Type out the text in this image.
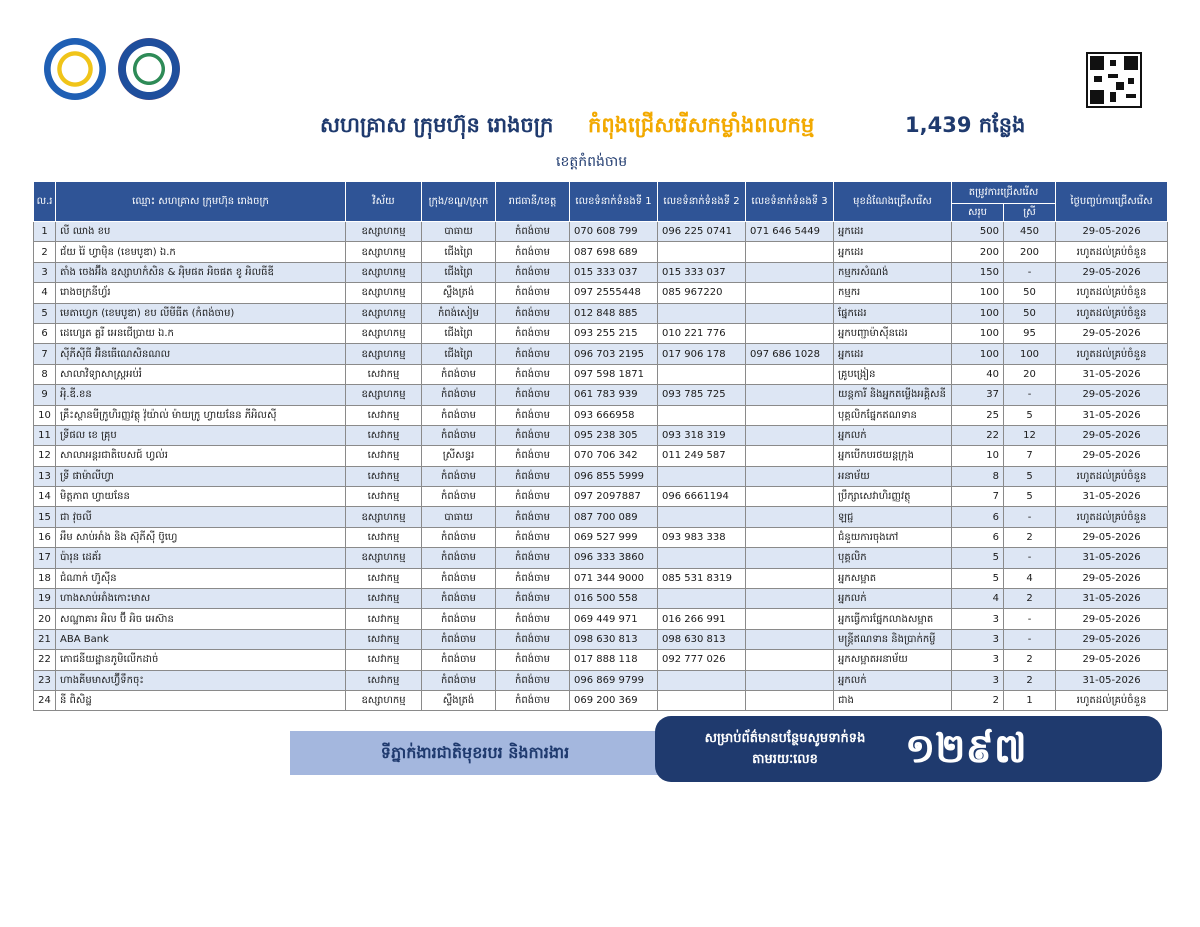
សហគ្រាស ក្រុមហ៊ុន រោងចក្រ កំពុងជ្រើសរើសកម្លាំងពលកម្ម	1,439 កន្លែង
ខេត្តកំពង់ចាម
ល.រ	ឈ្មោះ សហគ្រាស ក្រុមហ៊ុន រោងចក្រ	វិស័យ	ក្រុង/ខណ្ឌ/ស្រុក	រាជធានី/ខេត្ត	លេខទំនាក់ទំនងទី 1	លេខទំនាក់ទំនងទី 2	លេខទំនាក់ទំនងទី 3	មុខដំណែងជ្រើសរើស	តម្រូវការជ្រើសរើស		ថ្ងៃបញ្ចប់ការជ្រើសរើស
									សរុប	ស្រី	
1	លី ឈាង ខប	ឧស្សាហកម្ម	បាធាយ	កំពង់ចាម	070 608 799	096 225 0741	071 646 5449	អ្នកដេរ	500	450	29-05-2026
2	ជ័យ រ៉ៃ ហ្វាម៉ិន (ខេមបូឌា) ឯ.ក	ឧស្សាហកម្ម	ជើងព្រៃ	កំពង់ចាម	087 698 689			អ្នកដេរ	200	200	រហូតដល់គ្រប់ចំនួន
3	តាំង ចេងអ៊ីង ឧស្សាហកំសិន & អុិមផត អិចផត ខូ អិលធីឌី	ឧស្សាហកម្ម	ជើងព្រៃ	កំពង់ចាម	015 333 037	015 333 037		កម្មករសំណង់	150	-	29-05-2026
4	រោងចក្រនីហ្វ័រ	ឧស្សាហកម្ម	ស្ទឹងត្រង់	កំពង់ចាម	097 2555448	085 967220		កម្មករ	100	50	រហូតដល់គ្រប់ចំនួន
5	មេតាហ្វេក (ខេមបូឌា) ខប លីមីធីត (កំពង់ចាម)	ឧស្សាហកម្ម	កំពង់សៀម	កំពង់ចាម	012 848 885			ផ្នែកដេរ	100	50	រហូតដល់គ្រប់ចំនួន
6	ដេហ្សេត គ្លរី អេនជើប្រាយ ឯ.ក	ឧស្សាហកម្ម	ជើងព្រៃ	កំពង់ចាម	093 255 215	010 221 776		អ្នកបញ្ជាម៉ាស៊ីនដេរ	100	95	29-05-2026
7	ស៊ីភីស៊ីធី អ៊ិនធើណេសិនណល	ឧស្សាហកម្ម	ជើងព្រៃ	កំពង់ចាម	096 703 2195	017 906 178	097 686 1028	អ្នកដេរ	100	100	រហូតដល់គ្រប់ចំនួន
8	សាលាវិទ្យាសាស្ត្រអប់រំ	សេវាកម្ម	កំពង់ចាម	កំពង់ចាម	097 598 1871			គ្រូបង្រៀន	40	20	31-05-2026
9	អុិ.ឌី.ខន	ឧស្សាហកម្ម	កំពង់ចាម	កំពង់ចាម	061 783 939	093 785 725		យន្តការី និងអ្នកតម្លើងអគ្គិសនី	37	-	29-05-2026
10	គ្រឹះស្ថានមីក្រូហិរញ្ញវត្ថុ វ៉ុយ៉ាល់ ម៉ាយក្រូ ហ្វាយនែន ភីអិលស៊ី	សេវាកម្ម	កំពង់ចាម	កំពង់ចាម	093 666958			បុគ្គលិកផ្នែកឥណទាន	25	5	31-05-2026
11	ទ្រីផល ខេ គ្រុប	សេវាកម្ម	កំពង់ចាម	កំពង់ចាម	095 238 305	093 318 319		អ្នកលក់	22	12	29-05-2026
12	សាលាអន្តរជាតិបេសជ៍ ហ្វល់រ	សេវាកម្ម	ស្រីសន្ធរ	កំពង់ចាម	070 706 342	011 249 587		អ្នកបើកបរថយន្តក្រុង	10	7	29-05-2026
13	ទ្រី ផាម៉ាលីហ្វា	សេវាកម្ម	កំពង់ចាម	កំពង់ចាម	096 855 5999			អនាម័យ	8	5	រហូតដល់គ្រប់ចំនួន
14	មិត្តភាព ហ្វាយនែន	សេវាកម្ម	កំពង់ចាម	កំពង់ចាម	097 2097887	096 6661194		ប្រឹក្សាសេវាហិរញ្ញវត្ថុ	7	5	31-05-2026
15	ជា វុចលី	ឧស្សាហកម្ម	បាធាយ	កំពង់ចាម	087 700 089			ឡជ្ជ	6	-	រហូតដល់គ្រប់ចំនួន
16	អឹម សាប់អាំង និង ស៊ុភីស៊ី ប៊ូហ្វេ	សេវាកម្ម	កំពង់ចាម	កំពង់ចាម	069 527 999	093 983 338		ជំនួយការចុងភៅ	6	2	29-05-2026
17	ប៉ារុន ដេគ័រ	ឧស្សាហកម្ម	កំពង់ចាម	កំពង់ចាម	096 333 3860			បុគ្គលិក	5	-	31-05-2026
18	ជំណាក់ ហ៊ូស៊ីន	សេវាកម្ម	កំពង់ចាម	កំពង់ចាម	071 344 9000	085 531 8319		អ្នកសម្អាត	5	4	29-05-2026
19	ហាងសាប់អាំងកោះមាស	សេវាកម្ម	កំពង់ចាម	កំពង់ចាម	016 500 558			អ្នកលក់	4	2	31-05-2026
20	សណ្ឋាគារ អិល ប៊ី អិច អេស៊ាន	សេវាកម្ម	កំពង់ចាម	កំពង់ចាម	069 449 971	016 266 991		អ្នកធ្វើការផ្នែកលាងសម្អាត	3	-	29-05-2026
21	ABA Bank	សេវាកម្ម	កំពង់ចាម	កំពង់ចាម	098 630 813	098 630 813		មន្ត្រីឥណទាន និងប្រាក់កម្ចី	3	-	29-05-2026
22	ភោជនីយដ្ឋានភូមិលើកដាច់	សេវាកម្ម	កំពង់ចាម	កំពង់ចាម	017 888 118	092 777 026		អ្នកសម្អាតអនាម័យ	3	2	29-05-2026
23	ហាងគីមមាសហ្វ៊ីទឹកចុះ	សេវាកម្ម	កំពង់ចាម	កំពង់ចាម	096 869 9799			អ្នកលក់	3	2	31-05-2026
24	នី ពិសិដ្ឋ	ឧស្សាហកម្ម	ស្ទឹងត្រង់	កំពង់ចាម	069 200 369			ជាង	2	1	រហូតដល់គ្រប់ចំនួន
ទីភ្នាក់ងារជាតិមុខរបរ និងការងារ
សម្រាប់ព័ត៌មានបន្ថែមសូមទាក់ទងតាមរយៈលេខ	១២៩៧
